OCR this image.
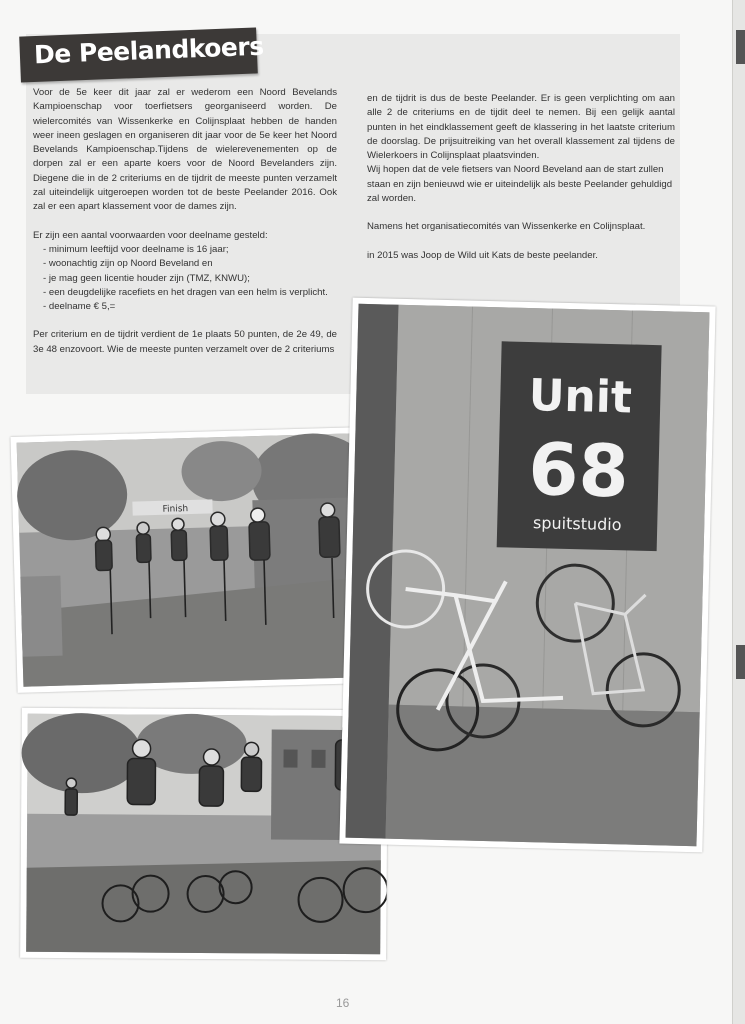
De Peelandkoers

Voor de 5e keer dit jaar zal er wederom een Noord Bevelands Kampioenschap voor toerfietsers georganiseerd worden. De wielercomités van Wissenkerke en Colijnsplaat hebben de handen weer ineen geslagen en organiseren dit jaar voor de 5e keer het Noord Bevelands Kampioenschap.Tijdens de wielerevenementen op de dorpen zal er een aparte koers voor de Noord Bevelanders zijn. Diegene die in de 2 criteriums en de tijdrit de meeste punten verzamelt zal uiteindelijk uitgeroepen worden tot de beste Peelander 2016. Ook zal er een apart klassement voor de dames zijn.

Er zijn een aantal voorwaarden voor deelname gesteld:

- minimum leeftijd voor deelname is 16 jaar;

- woonachtig zijn op Noord Beveland en

- je mag geen licentie houder zijn (TMZ, KNWU);

- een deugdelijke racefiets en het dragen van een helm is verplicht.

- deelname € 5,=

Per criterium en de tijdrit verdient de 1e plaats 50 punten, de 2e 49, de 3e 48 enzovoort. Wie de meeste punten verzamelt over de 2 criteriums

en de tijdrit is dus de beste Peelander. Er is geen verplichting om aan alle 2 de criteriums en de tijdit deel te nemen. Bij een gelijk aantal punten in het eindklassement geeft de klassering in het laatste criterium de doorslag. De prijsuitreiking van het overall klassement zal tijdens de Wielerkoers in Colijnsplaat plaatsvinden.

Wij hopen dat de vele fietsers van Noord Beveland aan de start zullen staan en zijn benieuwd wie er uiteindelijk als beste Peelander gehuldigd zal worden.

Namens het organisatiecomités van Wissenkerke en Colijnsplaat.

in 2015 was Joop de Wild uit Kats de beste peelander.

Finish
Unit
68
spuitstudio
16
